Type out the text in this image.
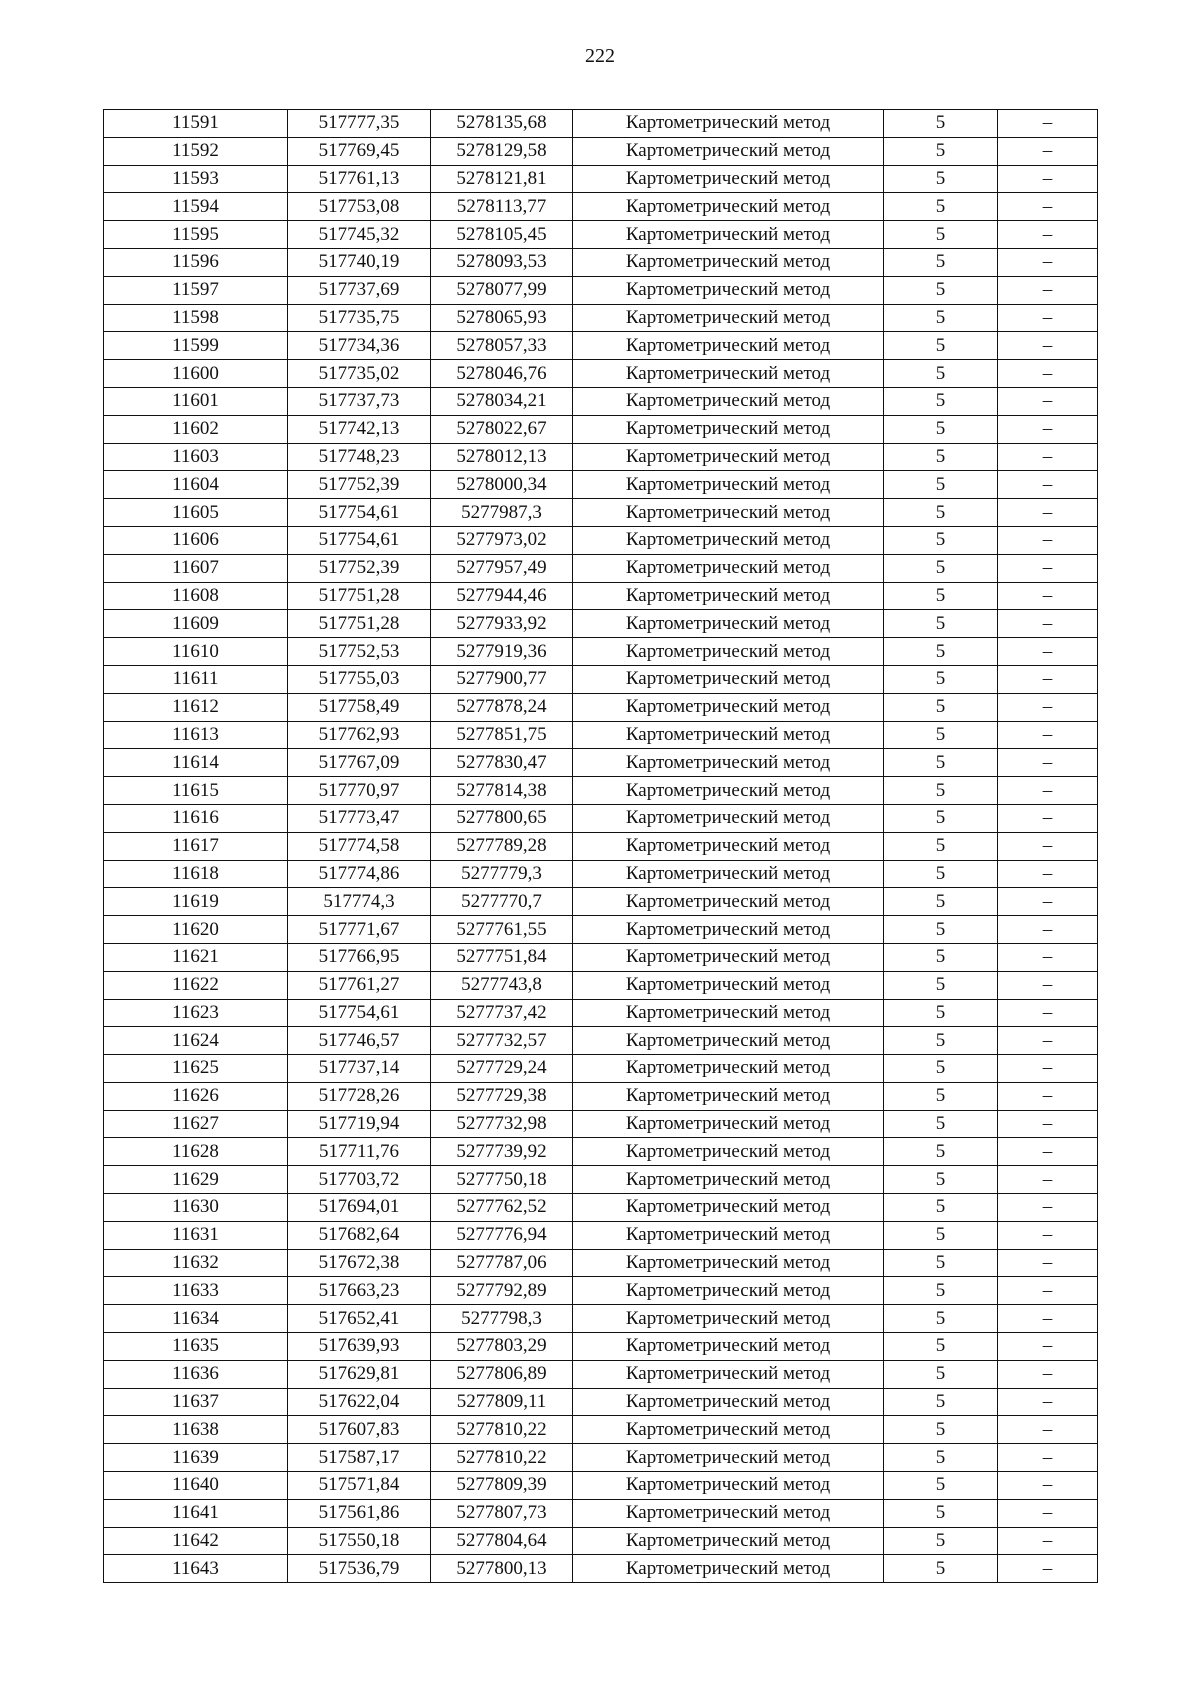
222
11591	517777,35	5278135,68	Картометрический метод	5	–
11592	517769,45	5278129,58	Картометрический метод	5	–
11593	517761,13	5278121,81	Картометрический метод	5	–
11594	517753,08	5278113,77	Картометрический метод	5	–
11595	517745,32	5278105,45	Картометрический метод	5	–
11596	517740,19	5278093,53	Картометрический метод	5	–
11597	517737,69	5278077,99	Картометрический метод	5	–
11598	517735,75	5278065,93	Картометрический метод	5	–
11599	517734,36	5278057,33	Картометрический метод	5	–
11600	517735,02	5278046,76	Картометрический метод	5	–
11601	517737,73	5278034,21	Картометрический метод	5	–
11602	517742,13	5278022,67	Картометрический метод	5	–
11603	517748,23	5278012,13	Картометрический метод	5	–
11604	517752,39	5278000,34	Картометрический метод	5	–
11605	517754,61	5277987,3	Картометрический метод	5	–
11606	517754,61	5277973,02	Картометрический метод	5	–
11607	517752,39	5277957,49	Картометрический метод	5	–
11608	517751,28	5277944,46	Картометрический метод	5	–
11609	517751,28	5277933,92	Картометрический метод	5	–
11610	517752,53	5277919,36	Картометрический метод	5	–
11611	517755,03	5277900,77	Картометрический метод	5	–
11612	517758,49	5277878,24	Картометрический метод	5	–
11613	517762,93	5277851,75	Картометрический метод	5	–
11614	517767,09	5277830,47	Картометрический метод	5	–
11615	517770,97	5277814,38	Картометрический метод	5	–
11616	517773,47	5277800,65	Картометрический метод	5	–
11617	517774,58	5277789,28	Картометрический метод	5	–
11618	517774,86	5277779,3	Картометрический метод	5	–
11619	517774,3	5277770,7	Картометрический метод	5	–
11620	517771,67	5277761,55	Картометрический метод	5	–
11621	517766,95	5277751,84	Картометрический метод	5	–
11622	517761,27	5277743,8	Картометрический метод	5	–
11623	517754,61	5277737,42	Картометрический метод	5	–
11624	517746,57	5277732,57	Картометрический метод	5	–
11625	517737,14	5277729,24	Картометрический метод	5	–
11626	517728,26	5277729,38	Картометрический метод	5	–
11627	517719,94	5277732,98	Картометрический метод	5	–
11628	517711,76	5277739,92	Картометрический метод	5	–
11629	517703,72	5277750,18	Картометрический метод	5	–
11630	517694,01	5277762,52	Картометрический метод	5	–
11631	517682,64	5277776,94	Картометрический метод	5	–
11632	517672,38	5277787,06	Картометрический метод	5	–
11633	517663,23	5277792,89	Картометрический метод	5	–
11634	517652,41	5277798,3	Картометрический метод	5	–
11635	517639,93	5277803,29	Картометрический метод	5	–
11636	517629,81	5277806,89	Картометрический метод	5	–
11637	517622,04	5277809,11	Картометрический метод	5	–
11638	517607,83	5277810,22	Картометрический метод	5	–
11639	517587,17	5277810,22	Картометрический метод	5	–
11640	517571,84	5277809,39	Картометрический метод	5	–
11641	517561,86	5277807,73	Картометрический метод	5	–
11642	517550,18	5277804,64	Картометрический метод	5	–
11643	517536,79	5277800,13	Картометрический метод	5	–
